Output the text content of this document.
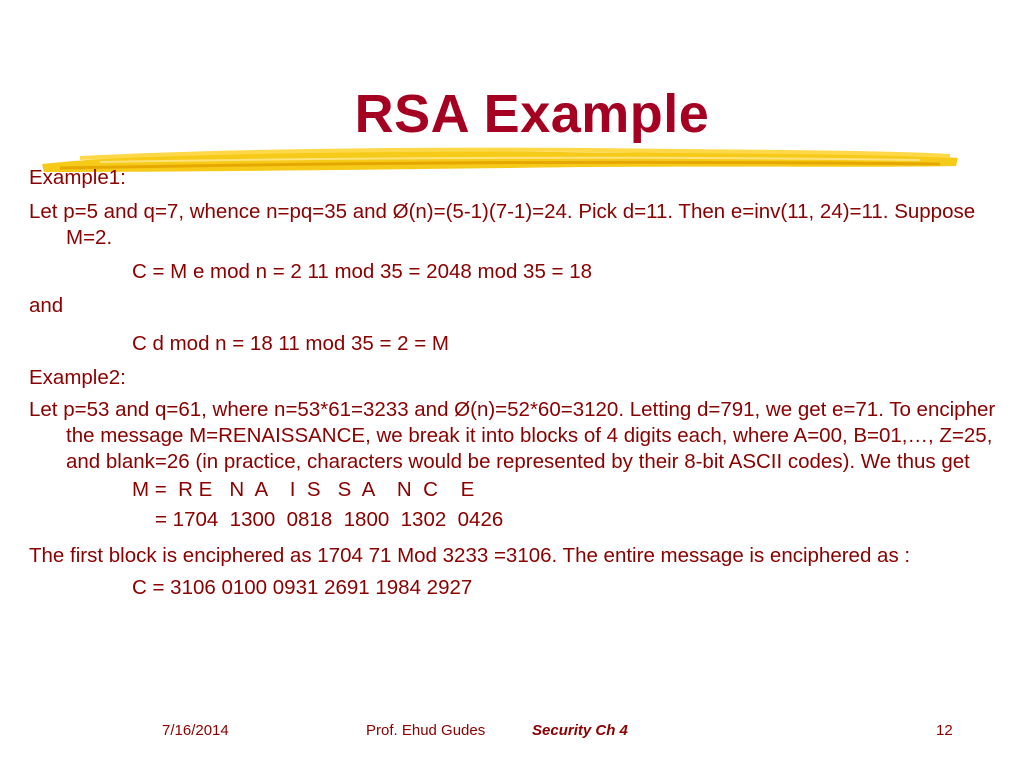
RSA Example
Example1:
Let p=5 and q=7, whence n=pq=35 and Ø(n)=(5-1)(7-1)=24. Pick d=11. Then e=inv(11, 24)=11. Suppose M=2.
C = M e mod n = 2 11 mod 35 = 2048 mod 35 = 18
and
C d mod n = 18 11 mod 35 = 2 = M
Example2:
Let p=53 and q=61, where n=53*61=3233 and Ø(n)=52*60=3120. Letting d=791, we get e=71. To encipher the message M=RENAISSANCE, we break it into blocks of 4 digits each, where A=00, B=01,…, Z=25, and blank=26 (in practice, characters would be represented by their 8-bit ASCII codes). We thus get
M =  R E   N  A    I  S   S  A    N  C    E
= 1704  1300  0818  1800  1302  0426
The first block is enciphered as 1704 71 Mod 3233 =3106. The entire message is enciphered as :
C = 3106 0100 0931 2691 1984 2927
7/16/2014	Prof. Ehud Gudes	Security Ch 4	12
